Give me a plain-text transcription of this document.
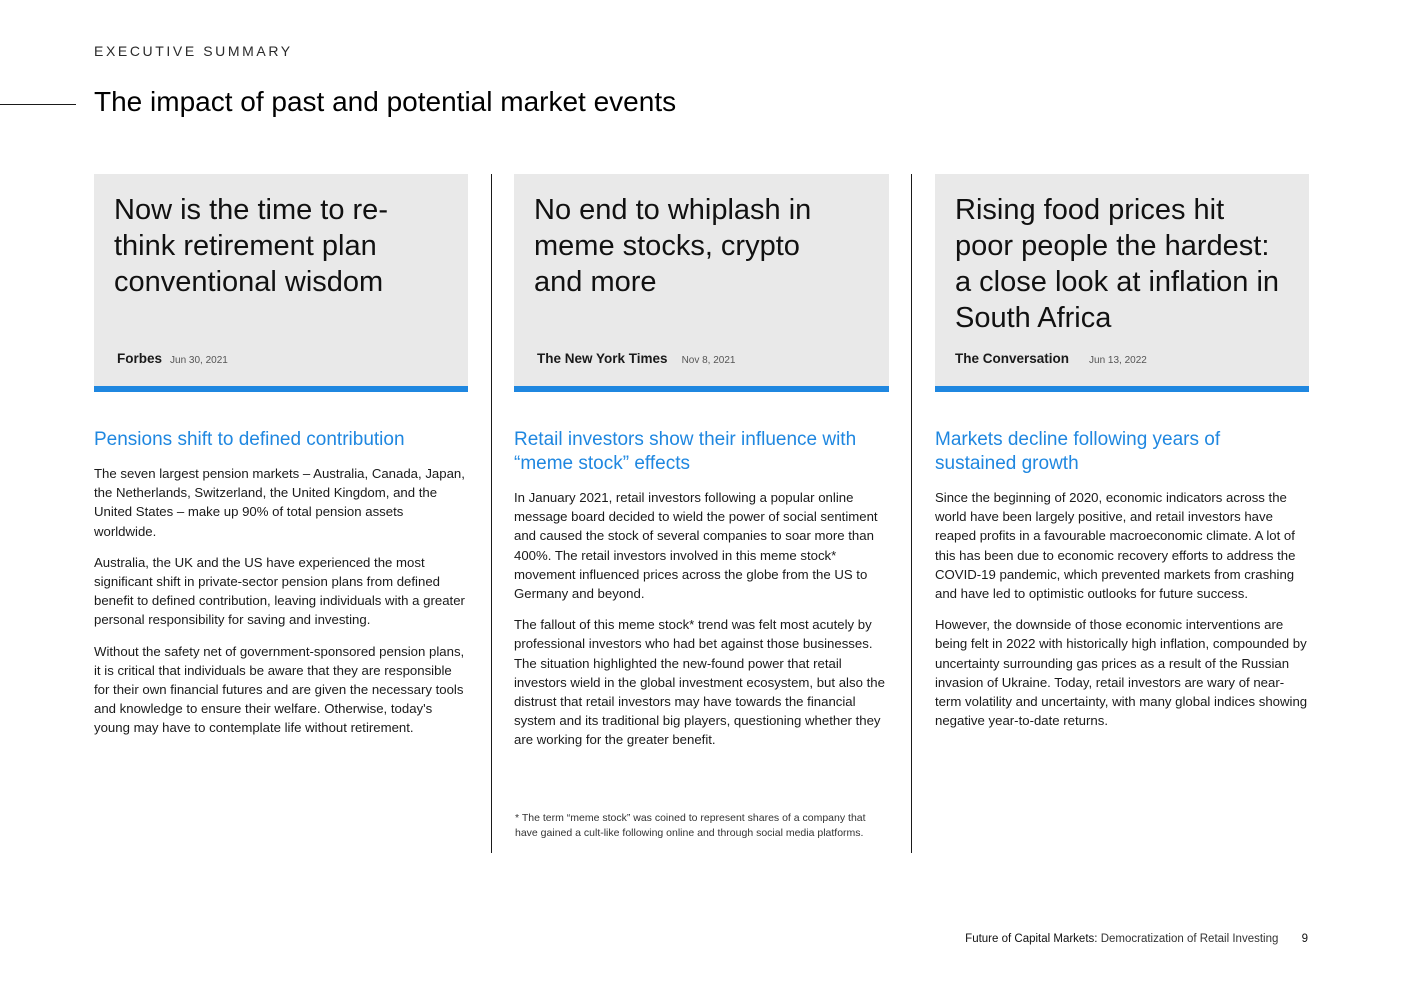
EXECUTIVE SUMMARY
The impact of past and potential market events
Now is the time to re-think retirement plan conventional wisdom
Forbes Jun 30, 2021
Pensions shift to defined contribution

The seven largest pension markets – Australia, Canada, Japan, the Netherlands, Switzerland, the United Kingdom, and the United States – make up 90% of total pension assets worldwide.

Australia, the UK and the US have experienced the most significant shift in private-sector pension plans from defined benefit to defined contribution, leaving individuals with a greater personal responsibility for saving and investing.

Without the safety net of government-sponsored pension plans, it is critical that individuals be aware that they are responsible for their own financial futures and are given the necessary tools and knowledge to ensure their welfare. Otherwise, today's young may have to contemplate life without retirement.

No end to whiplash in meme stocks, crypto and more
The New York Times Nov 8, 2021
Retail investors show their influence with “meme stock” effects

In January 2021, retail investors following a popular online message board decided to wield the power of social sentiment and caused the stock of several companies to soar more than 400%. The retail investors involved in this meme stock* movement influenced prices across the globe from the US to Germany and beyond.

The fallout of this meme stock* trend was felt most acutely by professional investors who had bet against those businesses. The situation highlighted the new-found power that retail investors wield in the global investment ecosystem, but also the distrust that retail investors may have towards the financial system and its traditional big players, questioning whether they are working for the greater benefit.

* The term “meme stock” was coined to represent shares of a company that have gained a cult-like following online and through social media platforms.
Rising food prices hit poor people the hardest: a close look at inflation in South Africa
The Conversation Jun 13, 2022
Markets decline following years of sustained growth

Since the beginning of 2020, economic indicators across the world have been largely positive, and retail investors have reaped profits in a favourable macroeconomic climate. A lot of this has been due to economic recovery efforts to address the COVID-19 pandemic, which prevented markets from crashing and have led to optimistic outlooks for future success.

However, the downside of those economic interventions are being felt in 2022 with historically high inflation, compounded by uncertainty surrounding gas prices as a result of the Russian invasion of Ukraine. Today, retail investors are wary of near-term volatility and uncertainty, with many global indices showing negative year-to-date returns.

Future of Capital Markets: Democratization of Retail Investing 9
